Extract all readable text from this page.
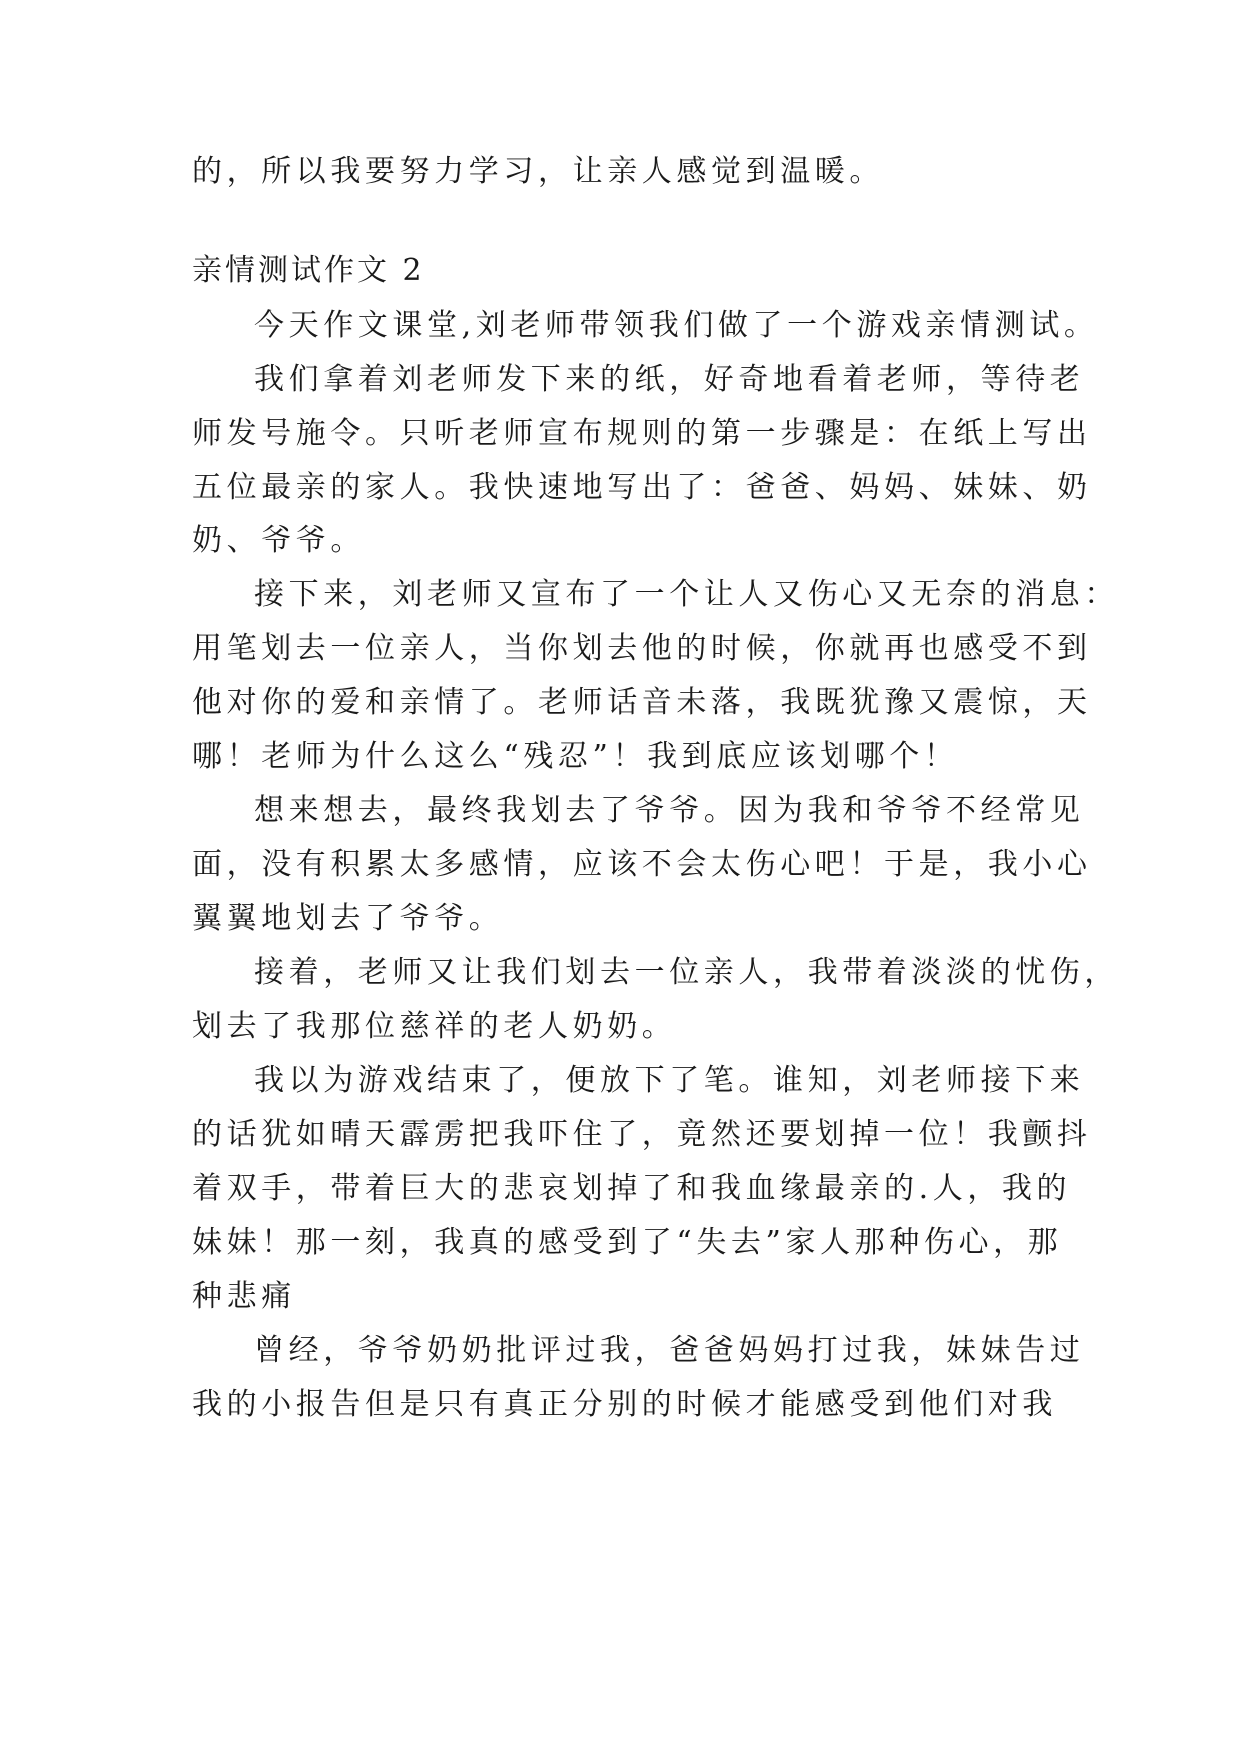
的，所以我要努力学习，让亲人感觉到温暖。
亲情测试作文 2
今天作文课堂,刘老师带领我们做了一个游戏亲情测试。
我们拿着刘老师发下来的纸，好奇地看着老师，等待老
师发号施令。只听老师宣布规则的第一步骤是：在纸上写出
五位最亲的家人。我快速地写出了：爸爸、妈妈、妹妹、奶
奶、爷爷。
接下来，刘老师又宣布了一个让人又伤心又无奈的消息：
用笔划去一位亲人，当你划去他的时候，你就再也感受不到
他对你的爱和亲情了。老师话音未落，我既犹豫又震惊，天
哪！老师为什么这么“残忍”！我到底应该划哪个！
想来想去，最终我划去了爷爷。因为我和爷爷不经常见
面，没有积累太多感情，应该不会太伤心吧！于是，我小心
翼翼地划去了爷爷。
接着，老师又让我们划去一位亲人，我带着淡淡的忧伤，
划去了我那位慈祥的老人奶奶。
我以为游戏结束了，便放下了笔。谁知，刘老师接下来
的话犹如晴天霹雳把我吓住了，竟然还要划掉一位！我颤抖
着双手，带着巨大的悲哀划掉了和我血缘最亲的.人，我的
妹妹！那一刻，我真的感受到了“失去”家人那种伤心，那
种悲痛
曾经，爷爷奶奶批评过我，爸爸妈妈打过我，妹妹告过
我的小报告但是只有真正分别的时候才能感受到他们对我
